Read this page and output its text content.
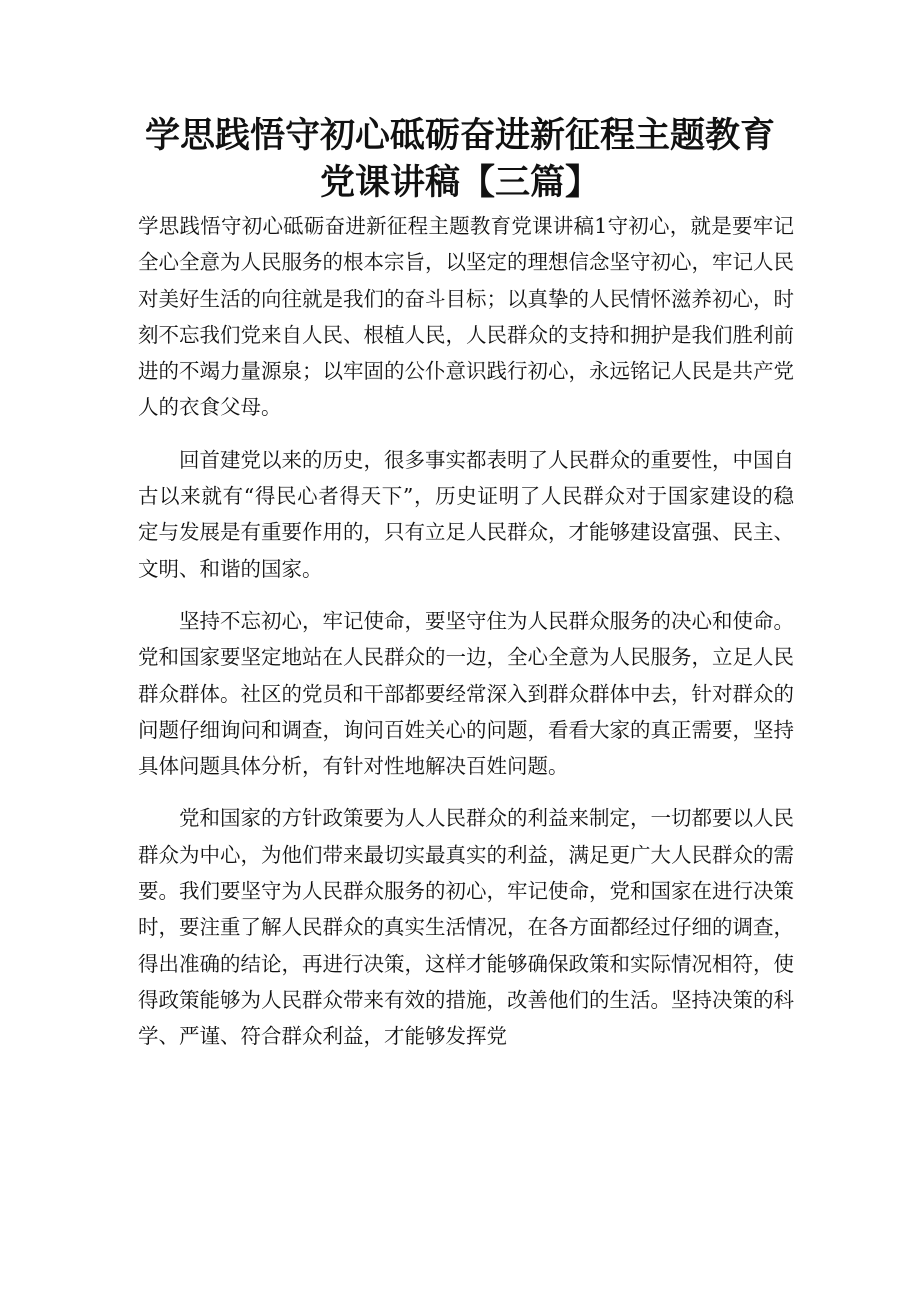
学思践悟守初心砥砺奋进新征程主题教育
党课讲稿【三篇】

学思践悟守初心砥砺奋进新征程主题教育党课讲稿1守初心，就是要牢记全心全意为人民服务的根本宗旨，以坚定的理想信念坚守初心，牢记人民对美好生活的向往就是我们的奋斗目标；以真挚的人民情怀滋养初心，时刻不忘我们党来自人民、根植人民，人民群众的支持和拥护是我们胜利前进的不竭力量源泉；以牢固的公仆意识践行初心，永远铭记人民是共产党人的衣食父母。

回首建党以来的历史，很多事实都表明了人民群众的重要性，中国自古以来就有“得民心者得天下”，历史证明了人民群众对于国家建设的稳定与发展是有重要作用的，只有立足人民群众，才能够建设富强、民主、文明、和谐的国家。

坚持不忘初心，牢记使命，要坚守住为人民群众服务的决心和使命。党和国家要坚定地站在人民群众的一边，全心全意为人民服务，立足人民群众群体。社区的党员和干部都要经常深入到群众群体中去，针对群众的问题仔细询问和调查，询问百姓关心的问题，看看大家的真正需要，坚持具体问题具体分析，有针对性地解决百姓问题。

党和国家的方针政策要为人人民群众的利益来制定，一切都要以人民群众为中心，为他们带来最切实最真实的利益，满足更广大人民群众的需要。我们要坚守为人民群众服务的初心，牢记使命，党和国家在进行决策时，要注重了解人民群众的真实生活情况，在各方面都经过仔细的调查，得出准确的结论，再进行决策，这样才能够确保政策和实际情况相符，使得政策能够为人民群众带来有效的措施，改善他们的生活。坚持决策的科学、严谨、符合群众利益，才能够发挥党
